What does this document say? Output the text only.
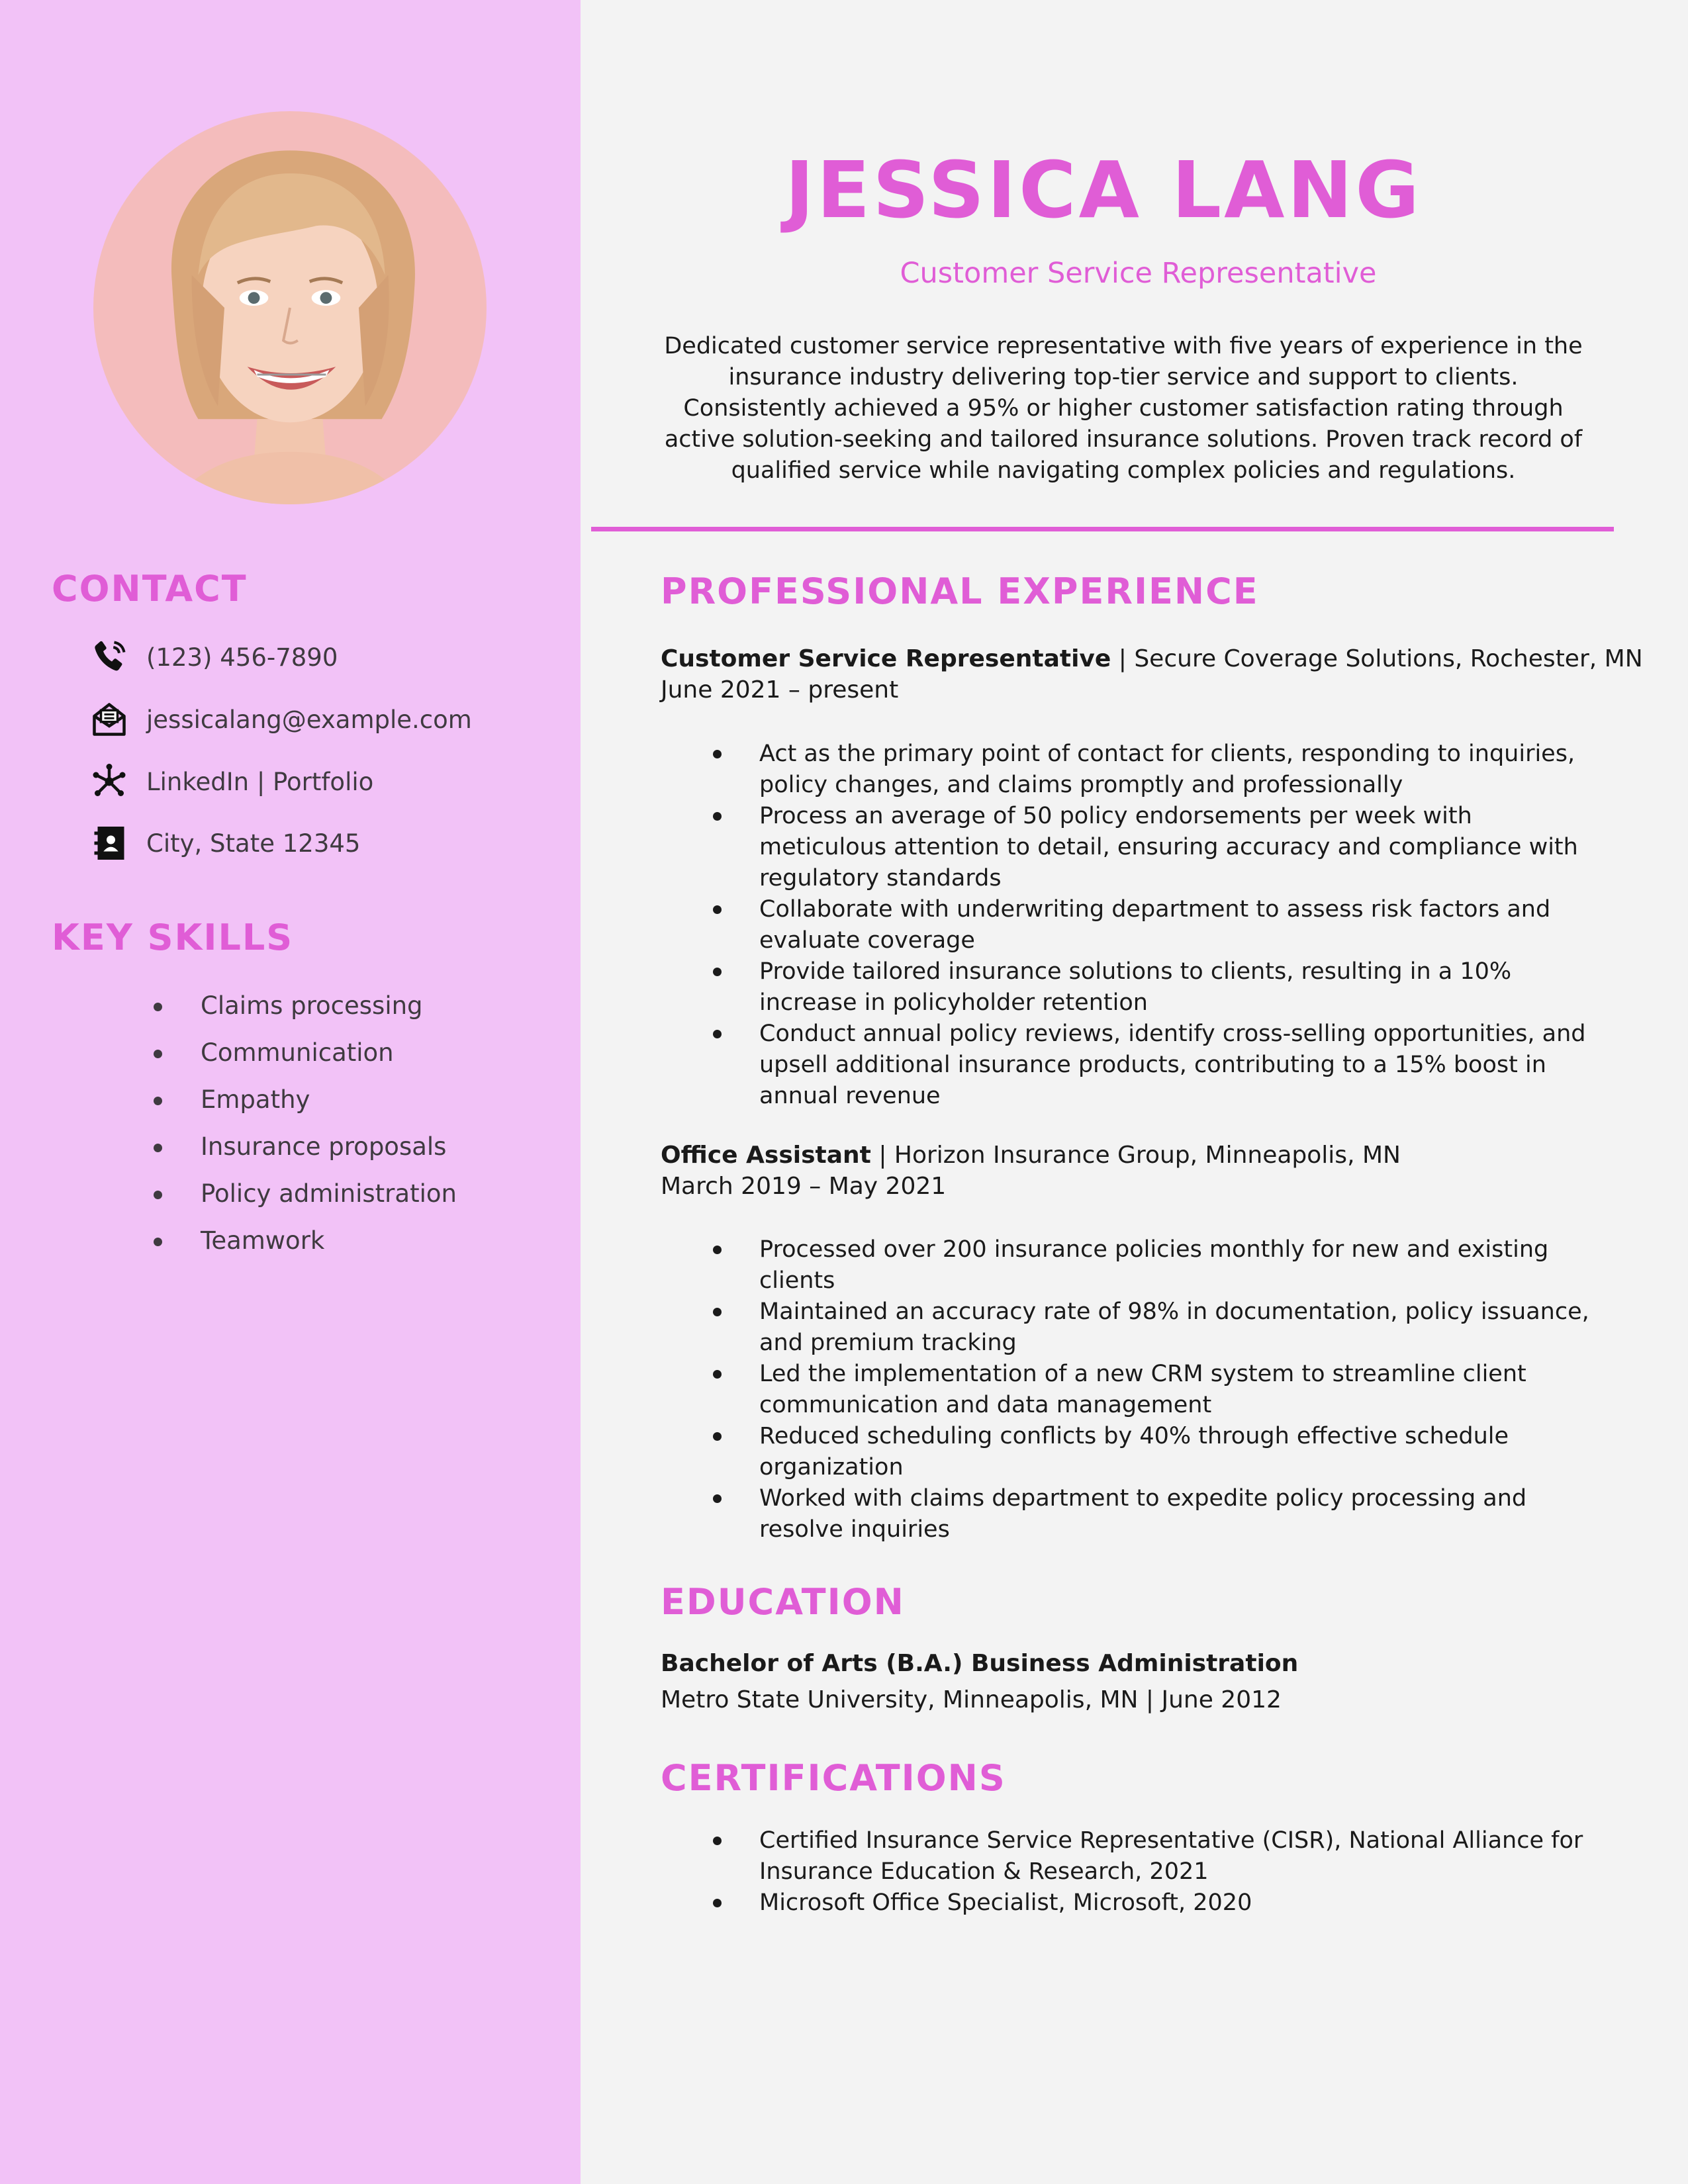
CONTACT
(123) 456-7890
jessicalang@example.com
LinkedIn | Portfolio
City, State 12345
KEY SKILLS
Claims processing
Communication
Empathy
Insurance proposals
Policy administration
Teamwork
JESSICA LANG
Customer Service Representative
Dedicated customer service representative with five years of experience in the
insurance industry delivering top-tier service and support to clients.
Consistently achieved a 95% or higher customer satisfaction rating through
active solution-seeking and tailored insurance solutions. Proven track record of
qualified service while navigating complex policies and regulations.
PROFESSIONAL EXPERIENCE
Customer Service Representative | Secure Coverage Solutions, Rochester, MN
June 2021 – present
Act as the primary point of contact for clients, responding to inquiries,
policy changes, and claims promptly and professionally
Process an average of 50 policy endorsements per week with
meticulous attention to detail, ensuring accuracy and compliance with
regulatory standards
Collaborate with underwriting department to assess risk factors and
evaluate coverage
Provide tailored insurance solutions to clients, resulting in a 10%
increase in policyholder retention
Conduct annual policy reviews, identify cross-selling opportunities, and
upsell additional insurance products, contributing to a 15% boost in
annual revenue
Office Assistant | Horizon Insurance Group, Minneapolis, MN
March 2019 – May 2021
Processed over 200 insurance policies monthly for new and existing
clients
Maintained an accuracy rate of 98% in documentation, policy issuance,
and premium tracking
Led the implementation of a new CRM system to streamline client
communication and data management
Reduced scheduling conflicts by 40% through effective schedule
organization
Worked with claims department to expedite policy processing and
resolve inquiries
EDUCATION
Bachelor of Arts (B.A.) Business Administration
Metro State University, Minneapolis, MN | June 2012
CERTIFICATIONS
Certified Insurance Service Representative (CISR), National Alliance for
Insurance Education & Research, 2021
Microsoft Office Specialist, Microsoft, 2020
